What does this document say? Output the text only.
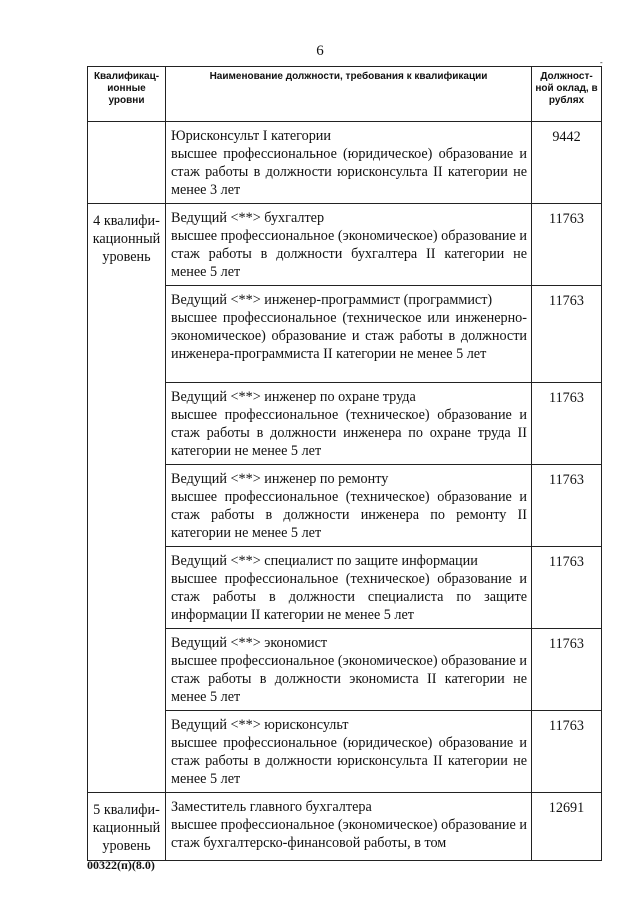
6
-
Квалификац-ионные уровни	Наименование должности, требования к квалификации	Должност-ной оклад, в рублях

	Юрисконсульт I категории
высшее профессиональное (юридическое) образование и стаж работы в должности юрисконсульта II категории не менее 3 лет	9442
4 квалифи-кационный уровень	Ведущий <**> бухгалтер
высшее профессиональное (экономическое) образование и стаж работы в должности бухгалтера II категории не менее 5 лет	11763

	Ведущий <**> инженер-программист (программист)
высшее профессиональное (техническое или инженерно-экономическое) образование и стаж работы в должности инженера-программиста II категории не менее 5 лет	11763

	Ведущий <**> инженер по охране труда
высшее профессиональное (техническое) образование и стаж работы в должности инженера по охране труда II категории не менее 5 лет	11763

	Ведущий <**> инженер по ремонту
высшее профессиональное (техническое) образование и стаж работы в должности инженера по ремонту II категории не менее 5 лет	11763

	Ведущий <**> специалист по защите информации
высшее профессиональное (техническое) образование и стаж работы в должности специалиста по защите информации II категории не менее 5 лет	11763

	Ведущий <**> экономист
высшее профессиональное (экономическое) образование и стаж работы в должности экономиста II категории не менее 5 лет	11763

	Ведущий <**> юрисконсульт
высшее профессиональное (юридическое) образование и стаж работы в должности юрисконсульта II категории не менее 5 лет	11763
5 квалифи-кационный уровень	Заместитель главного бухгалтера
высшее профессиональное (экономическое) образование и стаж бухгалтерско-финансовой работы, в том	12691
00322(п)(8.0)
